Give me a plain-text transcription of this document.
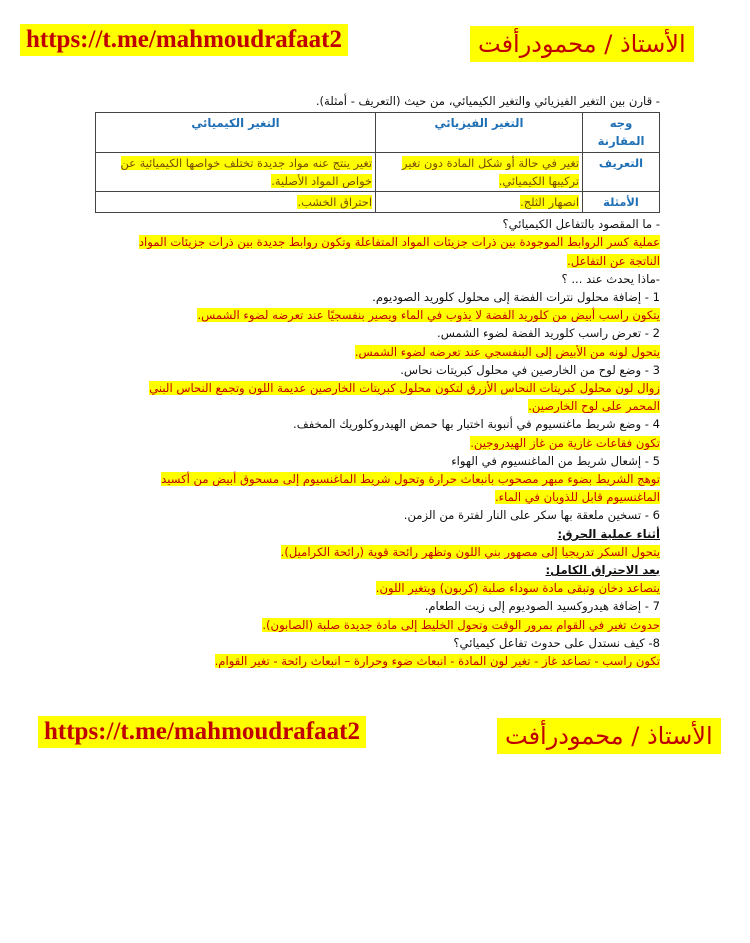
https://t.me/mahmoudrafaat2	الأستاذ / محمودرأفت
- قارن بين التغير الفيزيائي والتغير الكيميائي، من حيث (التعريف - أمثلة).
وجه المقارنة	التغير الفيزيائي	التغير الكيميائي
التعريف	تغير في حالة أو شكل المادة دون تغير تركيبها الكيميائي.	تغير ينتج عنه مواد جديدة تختلف خواصها الكيميائية عن خواص المواد الأصلية.
الأمثلة	انصهار الثلج.	احتراق الخشب.
- ما المقصود بالتفاعل الكيميائي؟
عملية كسر الروابط الموجودة بين ذرات جزيئات المواد المتفاعلة وتكون روابط جديدة بين ذرات جزيئات المواد
الناتجة عن التفاعل.
-ماذا يحدث عند ... ؟
1 - إضافة محلول نترات الفضة إلى محلول كلوريد الصوديوم.
يتكون راسب أبيض من كلوريد الفضة لا يذوب في الماء ويصير بنفسجيًا عند تعرضه لضوء الشمس.
2 - تعرض راسب كلوريد الفضة لضوء الشمس.
يتحول لونه من الأبيض إلى البنفسجي عند تعرضه لضوء الشمس.
3 - وضع لوح من الخارصين في محلول كبريتات نحاس.
زوال لون محلول كبريتات النحاس الأزرق لتكون محلول كبريتات الخارصين عديمة اللون وتجمع النحاس البني
المحمر على لوح الخارصين.
4 - وضع شريط ماغنسيوم في أنبوبة اختبار بها حمض الهيدروكلوريك المخفف.
تكون فقاعات غازية من غاز الهيدروجين.
5 - إشعال شريط من الماغنسيوم في الهواء
توهج الشريط بضوء مبهر مصحوب بانبعاث حرارة وتحول شريط الماغنسيوم إلى مسحوق أبيض من أكسيد
الماغنسيوم قابل للذوبان في الماء.
6 - تسخين ملعقة بها سكر على النار لفترة من الزمن.
أثناء عملية الحرق:
يتحول السكر تدريجيا إلى مصهور بني اللون وتظهر رائحة قوية (رائحة الكراميل).
بعد الاحتراق الكامل:
يتصاعد دخان وتبقى مادة سوداء صلبة (كربون) ويتغير اللون.
7 - إضافة هيدروكسيد الصوديوم إلى زيت الطعام.
حدوث تغير في القوام بمرور الوقت وتحول الخليط إلى مادة جديدة صلبة (الصابون).
8- كيف نستدل على حدوث تفاعل كيميائي؟
تكون راسب - تصاعد غاز - تغير لون المادة - انبعاث ضوء وحرارة – انبعاث رائحة - تغير القوام.
https://t.me/mahmoudrafaat2	الأستاذ / محمودرأفت
